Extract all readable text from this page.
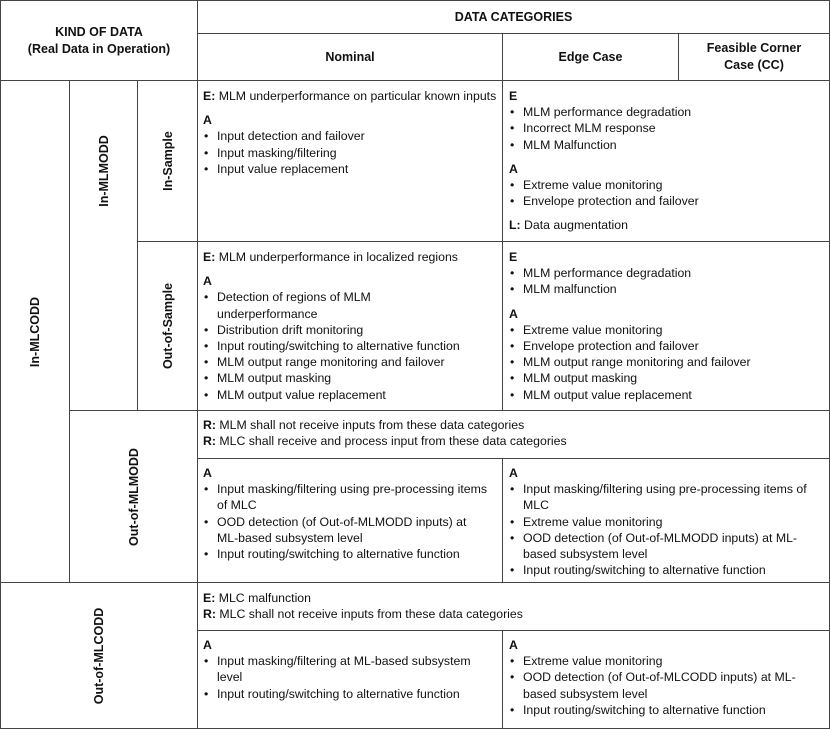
KIND OF DATA
(Real Data in Operation)
DATA CATEGORIES
Nominal	Edge Case
Feasible Corner
Case (CC)
In-MLCODD
In-MLMODD	In-Sample
Out-of-Sample
Out-of-MLMODD
Out-of-MLCODD
E: MLM underperformance on particular known inputs
A
• Input detection and failover
• Input masking/filtering
• Input value replacement
E
• MLM performance degradation
• Incorrect MLM response
• MLM Malfunction
A
• Extreme value monitoring
• Envelope protection and failover
L: Data augmentation
E: MLM underperformance in localized regions
A
• Detection of regions of MLM underperformance
• Distribution drift monitoring
• Input routing/switching to alternative function
• MLM output range monitoring and failover
• MLM output masking
• MLM output value replacement
E
• MLM performance degradation
• MLM malfunction
A
• Extreme value monitoring
• Envelope protection and failover
• MLM output range monitoring and failover
• MLM output masking
• MLM output value replacement
R: MLM shall not receive inputs from these data categories
R: MLC shall receive and process input from these data categories
A
• Input masking/filtering using pre-processing items of MLC
• OOD detection (of Out-of-MLMODD inputs) at ML-based subsystem level
• Input routing/switching to alternative function
A
• Input masking/filtering using pre-processing items of MLC
• Extreme value monitoring
• OOD detection (of Out-of-MLMODD inputs) at ML-based subsystem level
• Input routing/switching to alternative function
E: MLC malfunction
R: MLC shall not receive inputs from these data categories
A
• Input masking/filtering at ML-based subsystem level
• Input routing/switching to alternative function
A
• Extreme value monitoring
• OOD detection (of Out-of-MLCODD inputs) at ML-based subsystem level
• Input routing/switching to alternative function
